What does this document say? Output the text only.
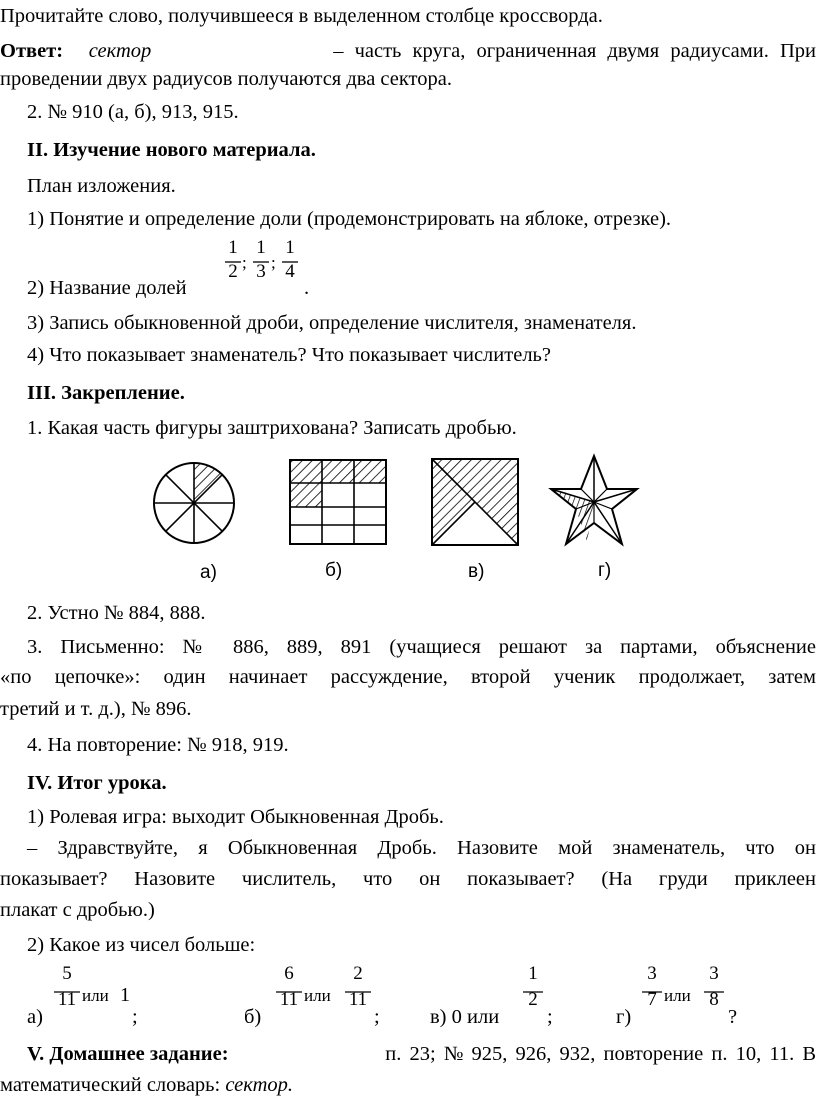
Прочитайте слово, получившееся в выделенном столбце кроссворда.
Ответ: сектор	– часть круга, ограниченная двумя радиусами. При
проведении двух радиусов получаются два сектора.
2. № 910 (а, б), 913, 915.
II. Изучение нового материала.
План изложения.
1) Понятие и определение доли (продемонстрировать на яблоке, отрезке).
2) Название долей
1
2 ;
1
3 ;
1
4
.
3) Запись обыкновенной дроби, определение числителя, знаменателя.
4) Что показывает знаменатель? Что показывает числитель?
III. Закрепление.
1. Какая часть фигуры заштрихована? Записать дробью.
а)	б)	в)	г)
2. Устно № 884, 888.
3. Письменно: № 886, 889, 891 (учащиеся решают за партами, объяснение
«по цепочке»: один начинает рассуждение, второй ученик продолжает, затем
третий и т. д.), № 896.
4. На повторение: № 918, 919.
IV. Итог урока.
1) Ролевая игра: выходит Обыкновенная Дробь.
– Здравствуйте, я Обыкновенная Дробь. Назовите мой знаменатель, что он
показывает? Назовите числитель, что он показывает? (На груди приклеен
плакат с дробью.)
2) Какое из чисел больше:
а)
5
11 или 1
;	б)
6
11 или
2
11
; в) 0 или
1
2
;	г)
3
7 или
3
8
?
V. Домашнее задание:	п. 23; № 925, 926, 932, повторение п. 10, 11. В
математический словарь: сектор.
